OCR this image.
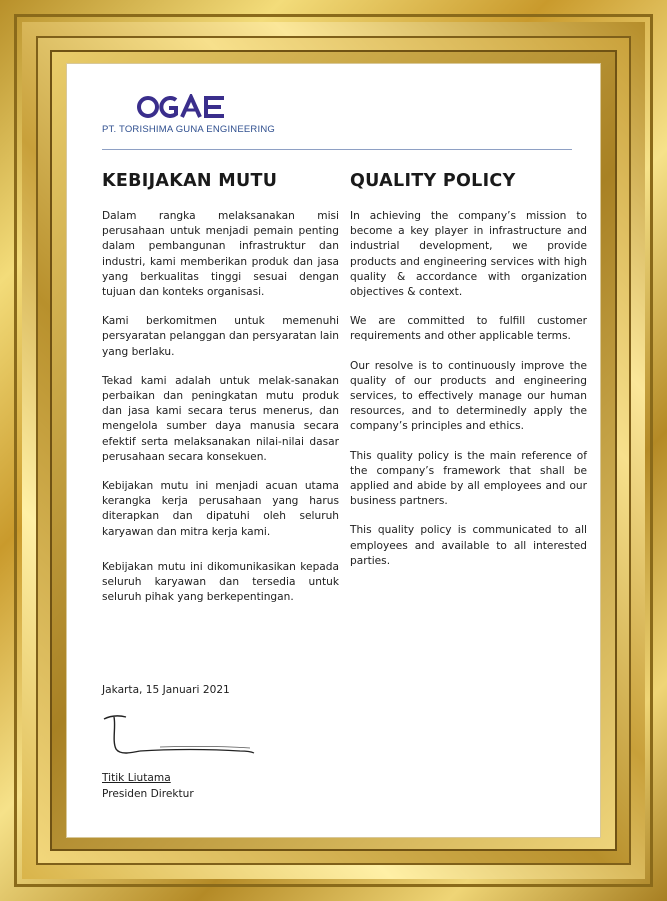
OGAE
PT. TORISHIMA GUNA ENGINEERING
KEBIJAKAN MUTU	QUALITY POLICY

Dalam rangka melaksanakan misi perusahaan untuk menjadi pemain penting dalam pembangunan infrastruktur dan industri, kami memberikan produk dan jasa yang berkualitas tinggi sesuai dengan tujuan dan konteks organisasi.

Kami berkomitmen untuk memenuhi persyaratan pelanggan dan persyaratan lain yang berlaku.

Tekad kami adalah untuk melak-sanakan perbaikan dan peningkatan mutu produk dan jasa kami secara terus menerus, dan mengelola sumber daya manusia secara efektif serta melaksanakan nilai-nilai dasar perusahaan secara konsekuen.

Kebijakan mutu ini menjadi acuan utama kerangka kerja perusahaan yang harus diterapkan dan dipatuhi oleh seluruh karyawan dan mitra kerja kami.

Kebijakan mutu ini dikomunikasikan kepada seluruh karyawan dan tersedia untuk seluruh pihak yang berkepentingan.

In achieving the company’s mission to become a key player in infrastructure and industrial development, we provide products and engineering services with high quality & accordance with organization objectives & context.

We are committed to fulfill customer requirements and other applicable terms.

Our resolve is to continuously improve the quality of our products and engineering services, to effectively manage our human resources, and to determinedly apply the company’s principles and ethics.

This quality policy is the main reference of the company’s framework that shall be applied and abide by all employees and our business partners.

This quality policy is communicated to all employees and available to all interested parties.

Jakarta, 15 Januari 2021
Titik Liutama
Presiden Direktur
